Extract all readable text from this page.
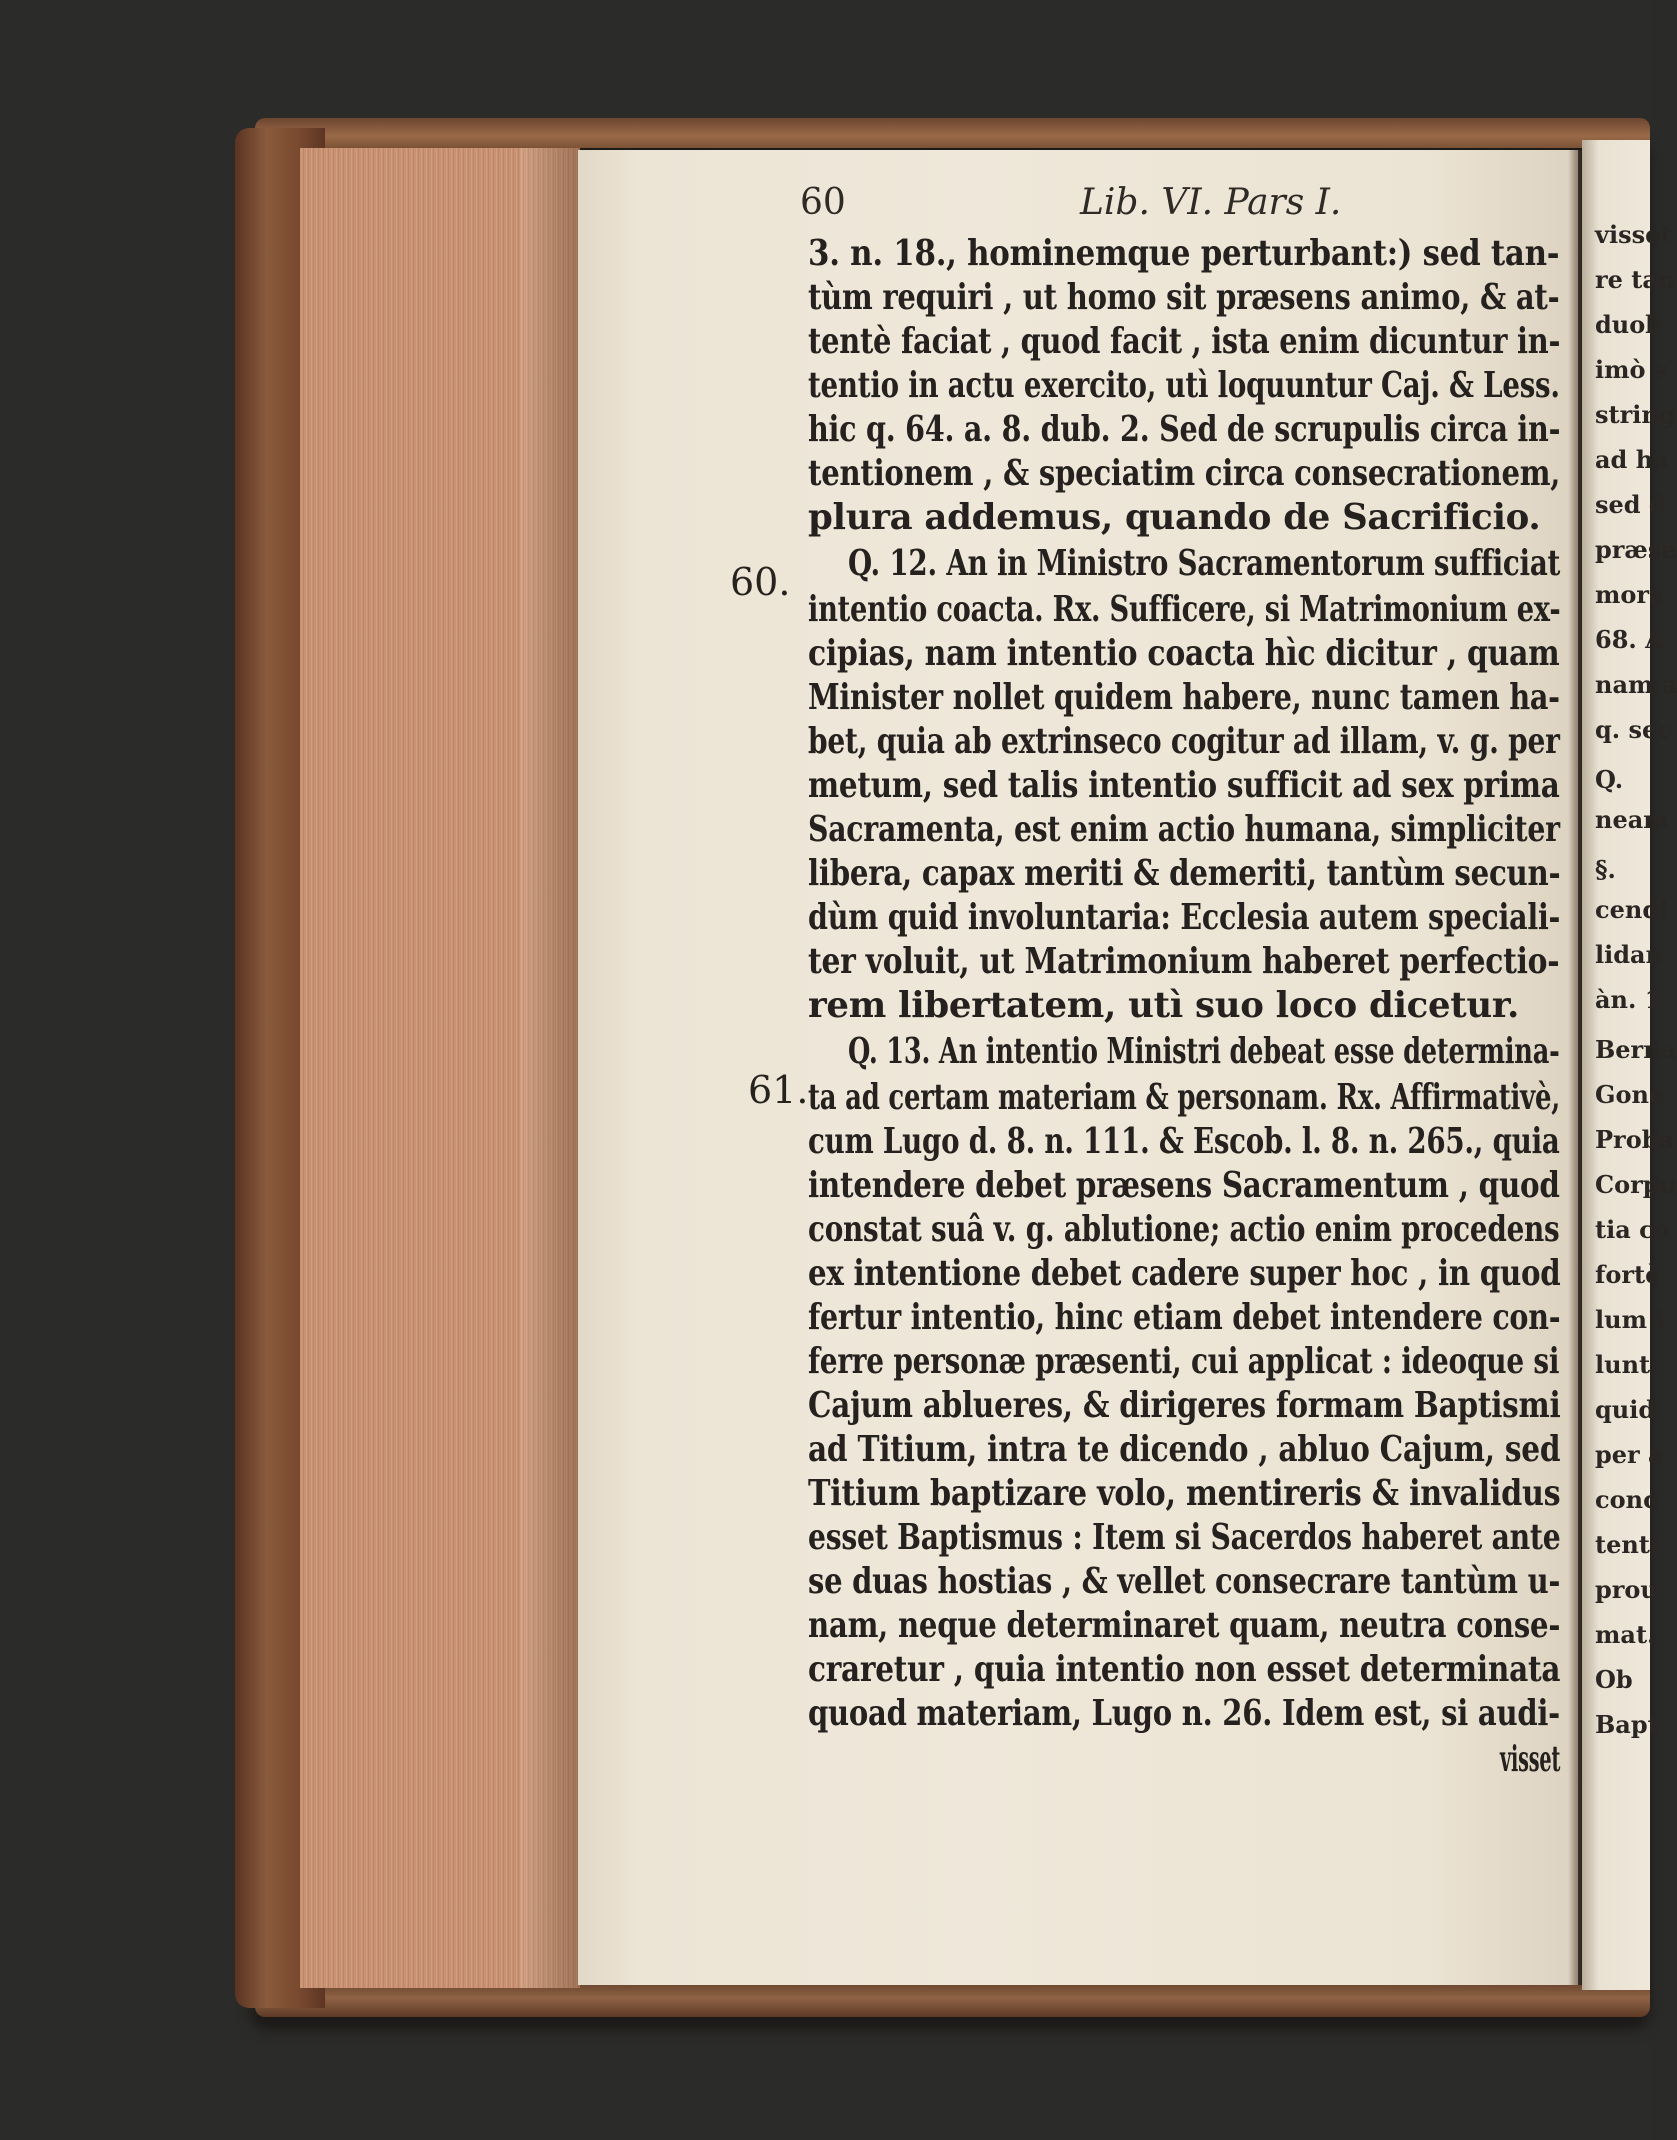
60	Lib. VI. Pars I.
60.
61.
3. n. 18., hominemque perturbant:) sed tan-
tùm requiri , ut homo sit præsens animo, & at-
tentè faciat , quod facit , ista enim dicuntur in-
tentio in actu exercito, utì loquuntur Caj. & Less.
hic q. 64. a. 8. dub. 2. Sed de scrupulis circa in-
tentionem , & speciatim circa consecrationem,
plura addemus, quando de Sacrificio.
Q. 12. An in Ministro Sacramentorum sufficiat
intentio coacta. Rx. Sufficere, si Matrimonium ex-
cipias, nam intentio coacta hìc dicitur , quam
Minister nollet quidem habere, nunc tamen ha-
bet, quia ab extrinseco cogitur ad illam, v. g. per
metum, sed talis intentio sufficit ad sex prima
Sacramenta, est enim actio humana, simpliciter
libera, capax meriti & demeriti, tantùm secun-
dùm quid involuntaria: Ecclesia autem speciali-
ter voluit, ut Matrimonium haberet perfectio-
rem libertatem, utì suo loco dicetur.
Q. 13. An intentio Ministri debeat esse determina-
ta ad certam materiam & personam. Rx. Affirmativè,
cum Lugo d. 8. n. 111. & Escob. l. 8. n. 265., quia
intendere debet præsens Sacramentum , quod
constat suâ v. g. ablutione; actio enim procedens
ex intentione debet cadere super hoc , in quod
fertur intentio, hinc etiam debet intendere con-
ferre personæ præsenti, cui applicat : ideoque si
Cajum ablueres, & dirigeres formam Baptismi
ad Titium, intra te dicendo , abluo Cajum, sed
Titium baptizare volo, mentireris & invalidus
esset Baptismus : Item si Sacerdos haberet ante
se duas hostias , & vellet consecrare tantùm u-
nam, neque determinaret quam, neutra conse-
craretur , quia intentio non esset determinata
quoad materiam, Lugo n. 26. Idem est, si audi-
visset
visset
re tan
duob
imò s
string
ad ha
sed d
præse
mora
68. A
nam a
q. sec
Q.
neam
§.
cendi
lidan
àn. 1
Berna
Gone
Proba
Corpu
tia co
fortè
lum i
lunt
quid
per a
conc
tenti
prou
mat.
Ob
Bapt
